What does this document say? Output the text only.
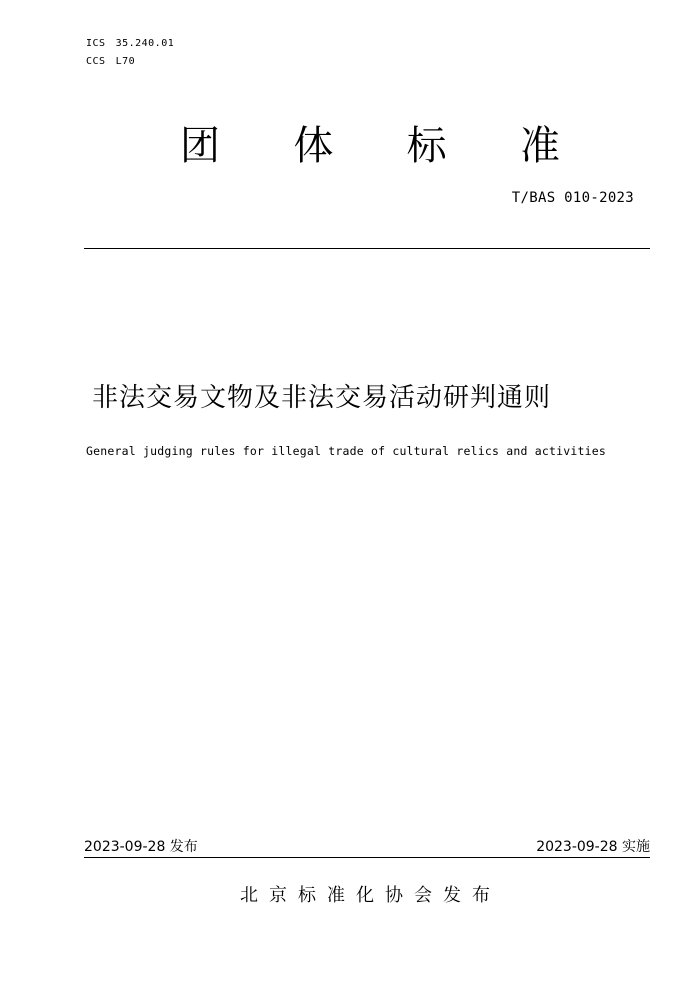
ICS 35.240.01
CCS L70
团 体 标 准
T/BAS 010-2023
非法交易文物及非法交易活动研判通则
General judging rules for illegal trade of cultural relics and activities
2023-09-28 发布	2023-09-28 实施
北 京 标 准 化 协 会 发 布
